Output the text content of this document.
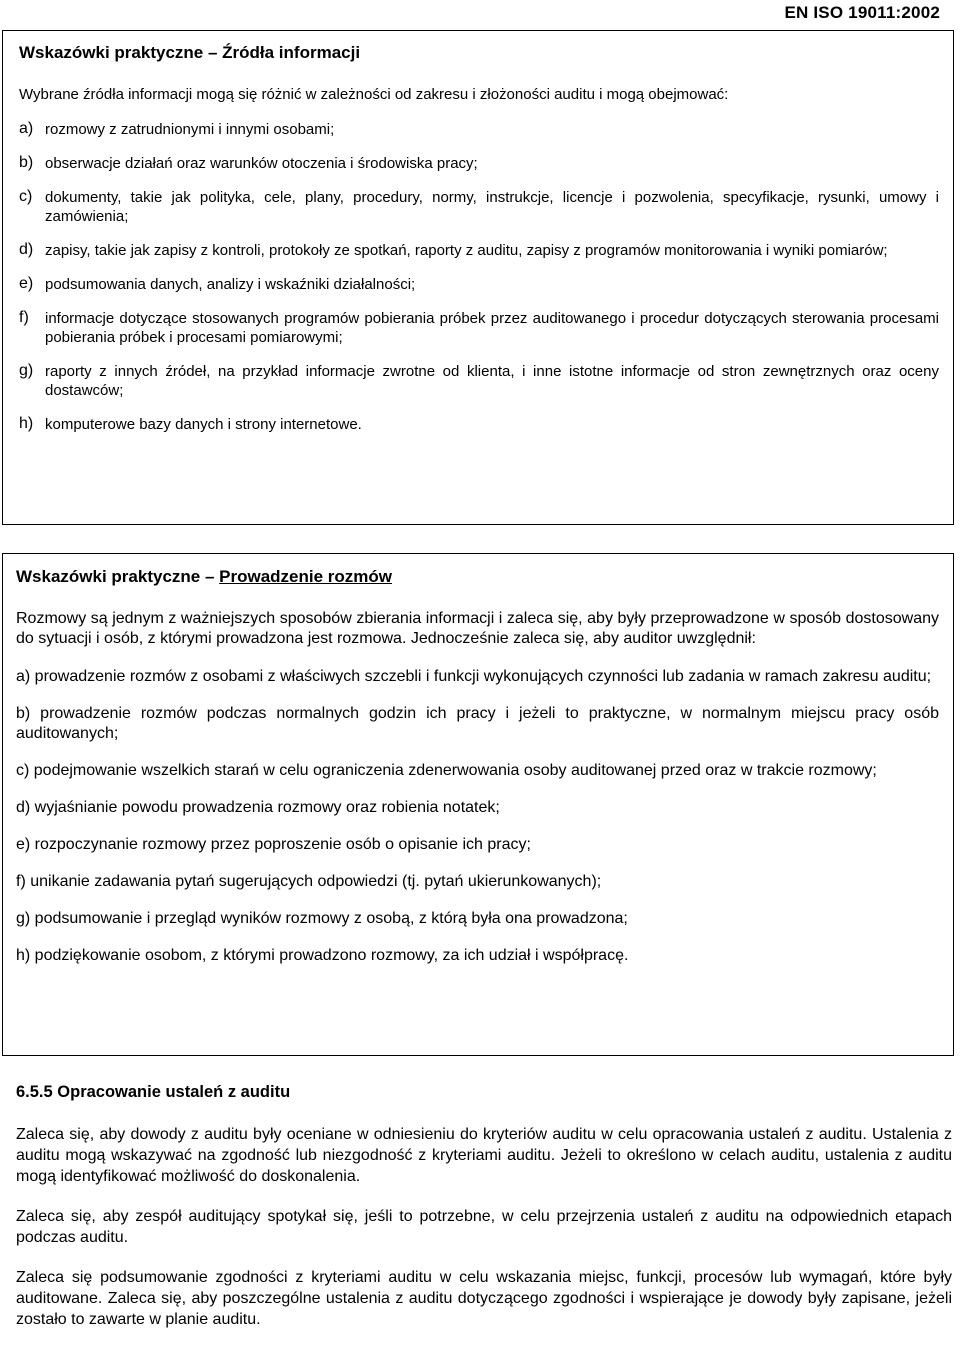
EN ISO 19011:2002
Wskazówki praktyczne – Źródła informacji

Wybrane źródła informacji mogą się różnić w zależności od zakresu i złożoności auditu i mogą obejmować:

a) rozmowy z zatrudnionymi i innymi osobami;

b) obserwacje działań oraz warunków otoczenia i środowiska pracy;

c) dokumenty, takie jak polityka, cele, plany, procedury, normy, instrukcje, licencje i pozwolenia, specyfikacje, rysunki, umowy i zamówienia;

d) zapisy, takie jak zapisy z kontroli, protokoły ze spotkań, raporty z auditu, zapisy z programów monitorowania i wyniki pomiarów;

e) podsumowania danych, analizy i wskaźniki działalności;

f)	informacje dotyczące stosowanych programów pobierania próbek przez auditowanego i procedur dotyczących sterowania procesami pobierania próbek i procesami pomiarowymi;

g) raporty z innych źródeł, na przykład informacje zwrotne od klienta, i inne istotne informacje od stron zewnętrznych oraz oceny dostawców;

h) komputerowe bazy danych i strony internetowe.

Wskazówki praktyczne – Prowadzenie rozmów

Rozmowy są jednym z ważniejszych sposobów zbierania informacji i zaleca się, aby były przeprowadzone w sposób dostosowany do sytuacji i osób, z którymi prowadzona jest rozmowa. Jednocześnie zaleca się, aby auditor uwzględnił:

a) prowadzenie rozmów z osobami z właściwych szczebli i funkcji wykonujących czynności lub zadania w ramach zakresu auditu;

b) prowadzenie rozmów podczas normalnych godzin ich pracy i jeżeli to praktyczne, w normalnym miejscu pracy osób auditowanych;

c) podejmowanie wszelkich starań w celu ograniczenia zdenerwowania osoby auditowanej przed oraz w trakcie rozmowy;

d) wyjaśnianie powodu prowadzenia rozmowy oraz robienia notatek;

e) rozpoczynanie rozmowy przez poproszenie osób o opisanie ich pracy;

f) unikanie zadawania pytań sugerujących odpowiedzi (tj. pytań ukierunkowanych);

g) podsumowanie i przegląd wyników rozmowy z osobą, z którą była ona prowadzona;

h) podziękowanie osobom, z którymi prowadzono rozmowy, za ich udział i współpracę.

6.5.5 Opracowanie ustaleń z auditu

Zaleca się, aby dowody z auditu były oceniane w odniesieniu do kryteriów auditu w celu opracowania ustaleń z auditu. Ustalenia z auditu mogą wskazywać na zgodność lub niezgodność z kryteriami auditu. Jeżeli to określono w celach auditu, ustalenia z auditu mogą identyfikować możliwość do doskonalenia.

Zaleca się, aby zespół auditujący spotykał się, jeśli to potrzebne, w celu przejrzenia ustaleń z auditu na odpowiednich etapach podczas auditu.

Zaleca się podsumowanie zgodności z kryteriami auditu w celu wskazania miejsc, funkcji, procesów lub wymagań, które były auditowane. Zaleca się, aby poszczególne ustalenia z auditu dotyczącego zgodności i wspierające je dowody były zapisane, jeżeli zostało to zawarte w planie auditu.
